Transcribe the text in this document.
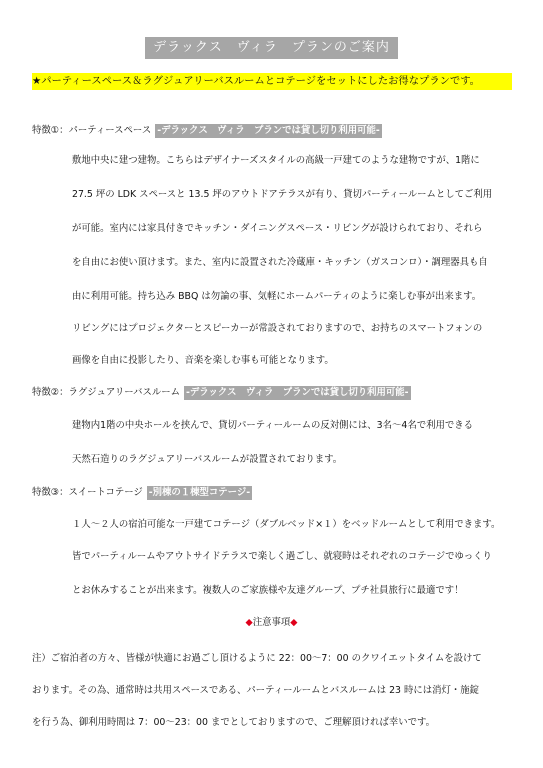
デラックス　ヴィラ　プランのご案内
★パーティースペース＆ラグジュアリーバスルームとコテージをセットにしたお得なプランです。
特徴①：パーティースペース -デラックス　ヴィラ　プランでは貸し切り利用可能-
敷地中央に建つ建物。こちらはデザイナーズスタイルの高級一戸建てのような建物ですが、1階に
27.5 坪の LDK スペースと 13.5 坪のアウトドアテラスが有り、貸切パーティールームとしてご利用
が可能。室内には家具付きでキッチン・ダイニングスペース・リビングが設けられており、それら
を自由にお使い頂けます。また、室内に設置された冷蔵庫・キッチン（ガスコンロ）・調理器具も自
由に利用可能。持ち込み BBQ は勿論の事、気軽にホームパーティのように楽しむ事が出来ます。
リビングにはプロジェクターとスピーカーが常設されておりますので、お持ちのスマートフォンの
画像を自由に投影したり、音楽を楽しむ事も可能となります。
特徴②：ラグジュアリーバスルーム -デラックス　ヴィラ　プランでは貸し切り利用可能-
建物内1階の中央ホールを挟んで、貸切パーティールームの反対側には、3名～4名で利用できる
天然石造りのラグジュアリーバスルームが設置されております。
特徴③：スイートコテージ -別棟の１棟型コテージ-
１人～２人の宿泊可能な一戸建てコテージ（ダブルベッド×１）をベッドルームとして利用できます。
皆でパーティルームやアウトサイドテラスで楽しく過ごし、就寝時はそれぞれのコテージでゆっくり
とお休みすることが出来ます。複数人のご家族様や友達グループ、プチ社員旅行に最適です！
◆注意事項◆
注）ご宿泊者の方々、皆様が快適にお過ごし頂けるように 22：00～7：00 のクワイエットタイムを設けて
おります。その為、通常時は共用スペースである、パーティールームとバスルームは 23 時には消灯・施錠
を行う為、御利用時間は 7：00～23：00 までとしておりますので、ご理解頂ければ幸いです。
